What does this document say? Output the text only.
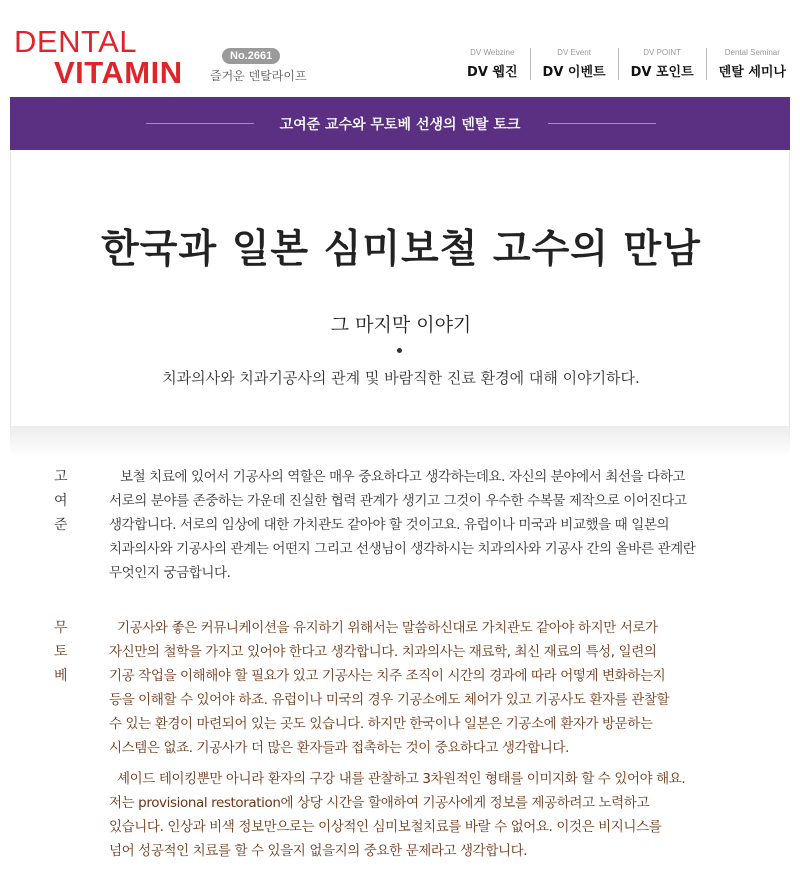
DENTAL
VITAMIN	No.2661
즐거운 덴탈라이프
DV Webzine
DV 웹진
DV Event
DV 이벤트
DV POINT
DV 포인트
Dental Seminar
덴탈 세미나
고여준 교수와 무토베 선생의 덴탈 토크
한국과 일본 심미보철 고수의 만남
그 마지막 이야기
치과의사와 치과기공사의 관계 및 바람직한 진료 환경에 대해 이야기하다.
고여준
보철 치료에 있어서 기공사의 역할은 매우 중요하다고 생각하는데요. 자신의 분야에서 최선을 다하고
서로의 분야를 존중하는 가운데 진실한 협력 관계가 생기고 그것이 우수한 수복물 제작으로 이어진다고
생각합니다. 서로의 임상에 대한 가치관도 같아야 할 것이고요. 유럽이나 미국과 비교했을 때 일본의
치과의사와 기공사의 관계는 어떤지 그리고 선생님이 생각하시는 치과의사와 기공사 간의 올바른 관계란
무엇인지 궁금합니다.
무토베
기공사와 좋은 커뮤니케이션을 유지하기 위해서는 말씀하신대로 가치관도 같아야 하지만 서로가
자신만의 철학을 가지고 있어야 한다고 생각합니다. 치과의사는 재료학, 최신 재료의 특성, 일련의
기공 작업을 이해해야 할 필요가 있고 기공사는 치주 조직이 시간의 경과에 따라 어떻게 변화하는지
등을 이해할 수 있어야 하죠. 유럽이나 미국의 경우 기공소에도 체어가 있고 기공사도 환자를 관찰할
수 있는 환경이 마련되어 있는 곳도 있습니다. 하지만 한국이나 일본은 기공소에 환자가 방문하는
시스템은 없죠. 기공사가 더 많은 환자들과 접촉하는 것이 중요하다고 생각합니다.
셰이드 테이킹뿐만 아니라 환자의 구강 내를 관찰하고 3차원적인 형태를 이미지화 할 수 있어야 해요.
저는 provisional restoration에 상당 시간을 할애하여 기공사에게 정보를 제공하려고 노력하고
있습니다. 인상과 비색 정보만으로는 이상적인 심미보철치료를 바랄 수 없어요. 이것은 비지니스를
넘어 성공적인 치료를 할 수 있을지 없을지의 중요한 문제라고 생각합니다.
